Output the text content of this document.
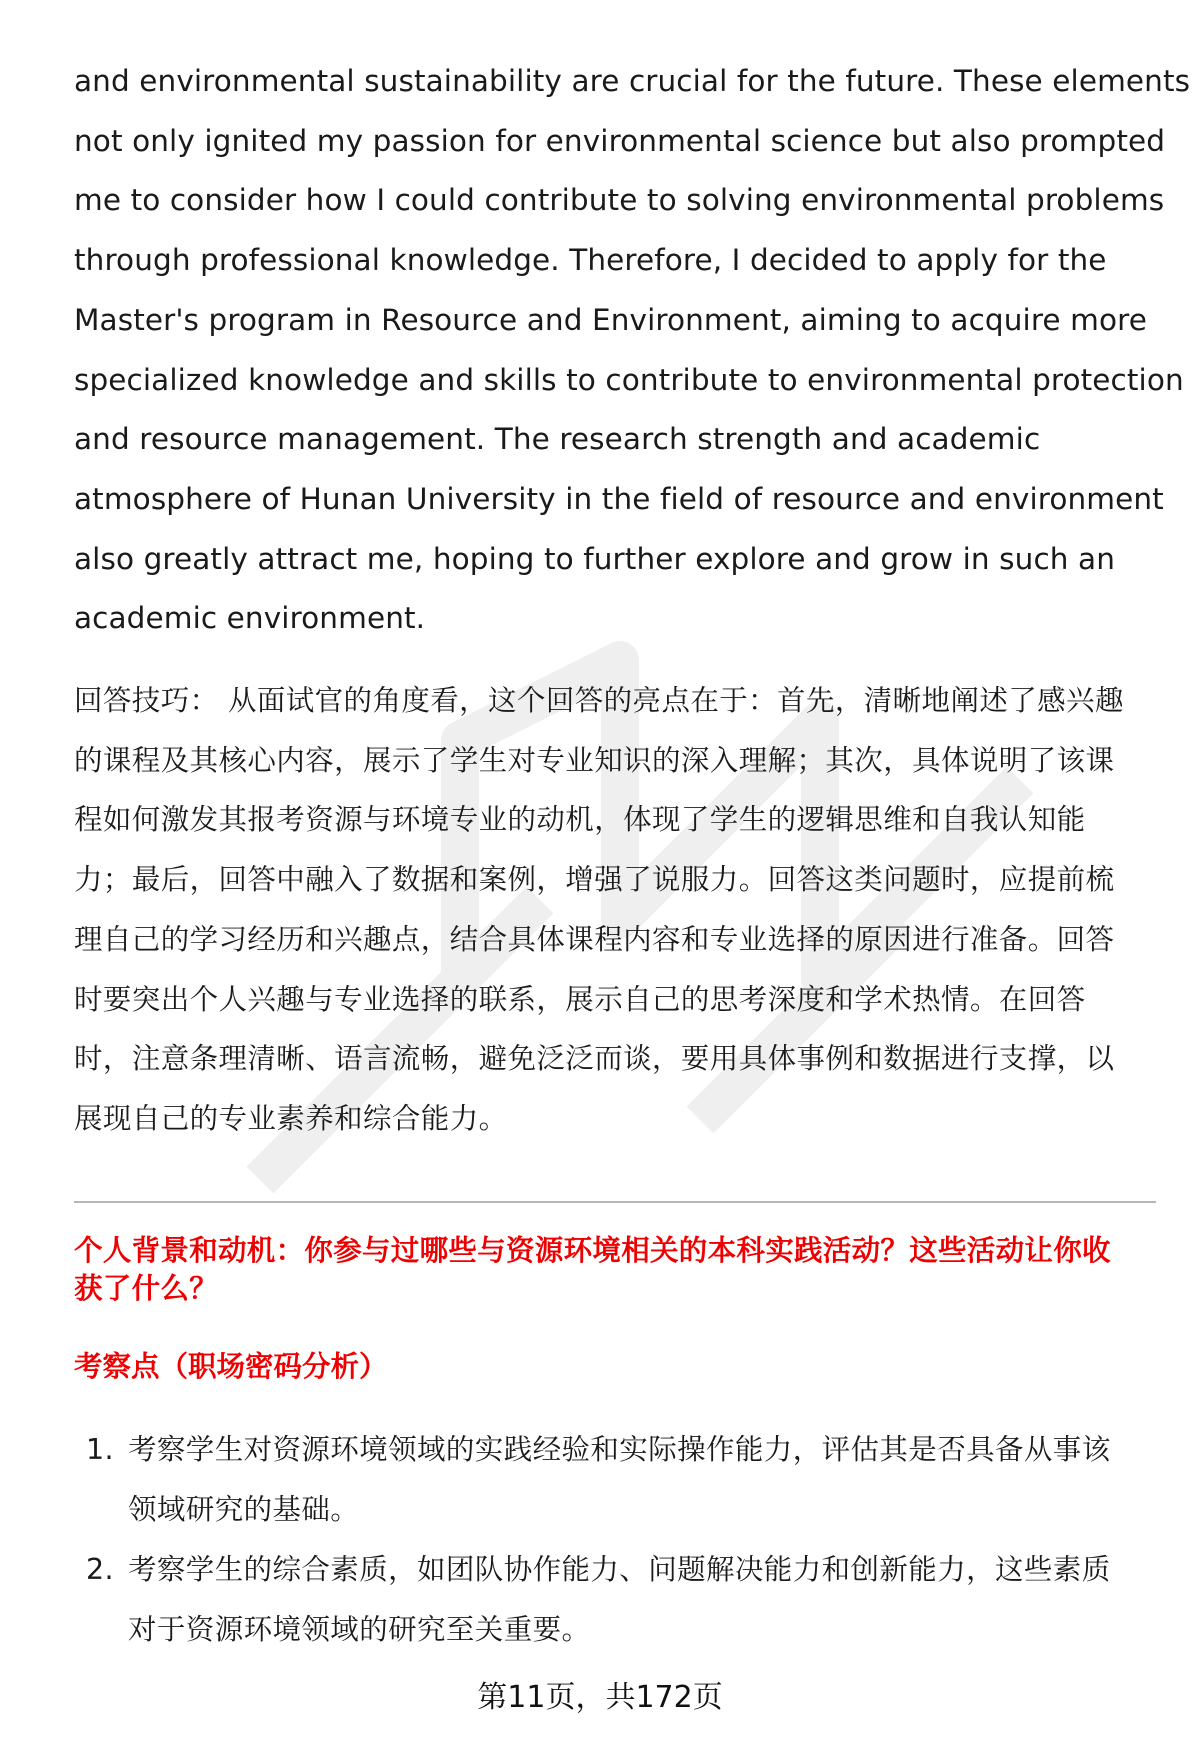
and environmental sustainability are crucial for the future. These elements
not only ignited my passion for environmental science but also prompted
me to consider how I could contribute to solving environmental problems
through professional knowledge. Therefore, I decided to apply for the
Master's program in Resource and Environment, aiming to acquire more
specialized knowledge and skills to contribute to environmental protection
and resource management. The research strength and academic
atmosphere of Hunan University in the field of resource and environment
also greatly attract me, hoping to further explore and grow in such an
academic environment.

回答技巧： 从面试官的角度看，这个回答的亮点在于：首先，清晰地阐述了感兴趣
的课程及其核心内容，展示了学生对专业知识的深入理解；其次，具体说明了该课
程如何激发其报考资源与环境专业的动机，体现了学生的逻辑思维和自我认知能
力；最后，回答中融入了数据和案例，增强了说服力。回答这类问题时，应提前梳
理自己的学习经历和兴趣点，结合具体课程内容和专业选择的原因进行准备。回答
时要突出个人兴趣与专业选择的联系，展示自己的思考深度和学术热情。在回答
时，注意条理清晰、语言流畅，避免泛泛而谈，要用具体事例和数据进行支撑，以
展现自己的专业素养和综合能力。

个人背景和动机：你参与过哪些与资源环境相关的本科实践活动？这些活动让你收
获了什么？
考察点（职场密码分析）
1. 考察学生对资源环境领域的实践经验和实际操作能力，评估其是否具备从事该
领域研究的基础。
2. 考察学生的综合素质，如团队协作能力、问题解决能力和创新能力，这些素质
对于资源环境领域的研究至关重要。
第11页，共172页
